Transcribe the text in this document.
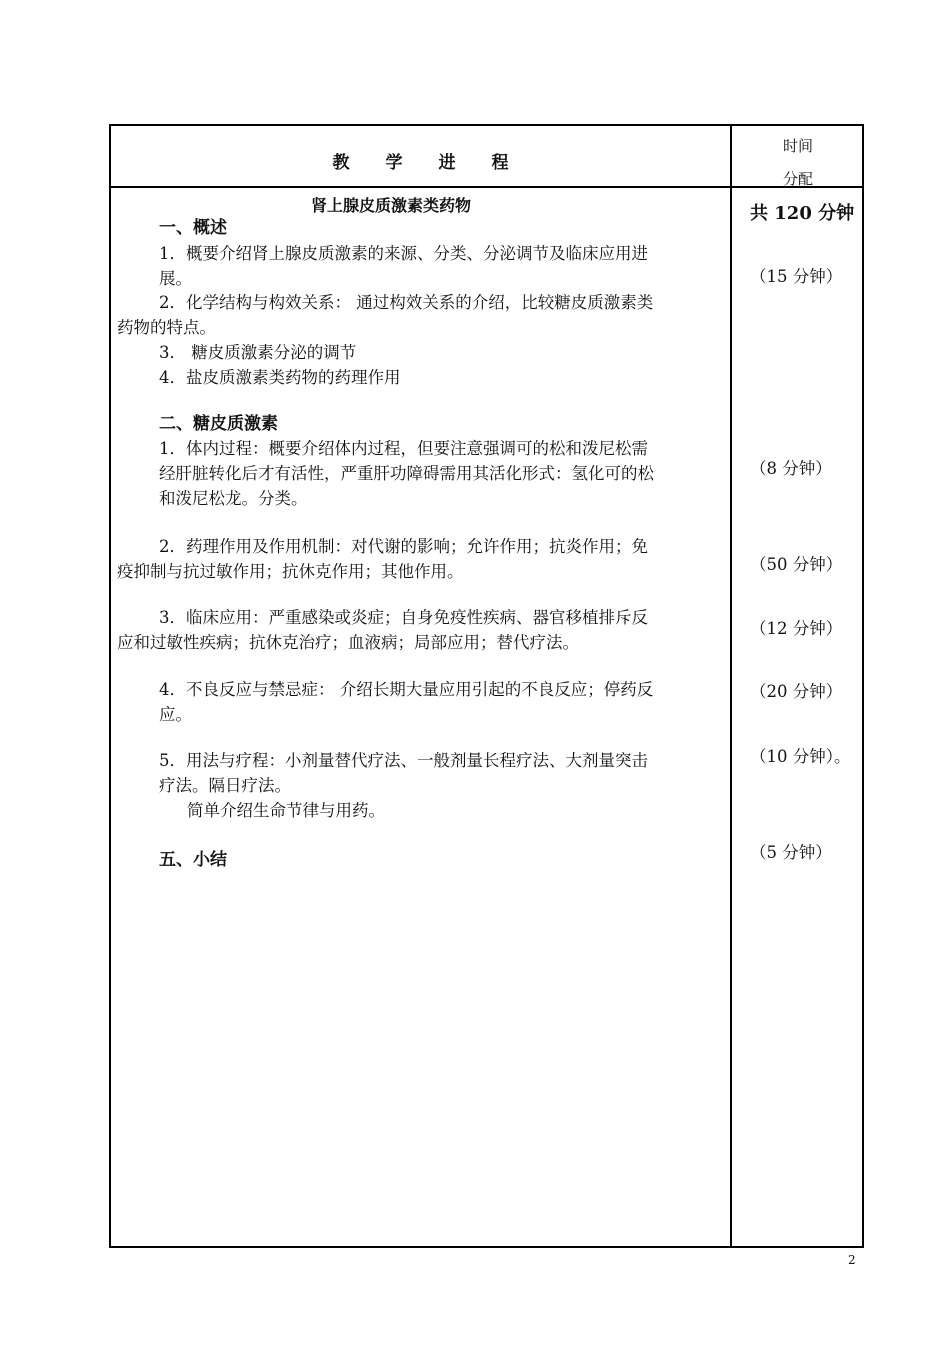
教 学 进 程
时间
分配
肾上腺皮质激素类药物	共 120 分钟
一、概述
1．概要介绍肾上腺皮质激素的来源、分类、分泌调节及临床应用进
展。
2．化学结构与构效关系： 通过构效关系的介绍，比较糖皮质激素类
药物的特点。
3． 糖皮质激素分泌的调节
4．盐皮质激素类药物的药理作用
二、糖皮质激素
1．体内过程：概要介绍体内过程，但要注意强调可的松和泼尼松需
经肝脏转化后才有活性，严重肝功障碍需用其活化形式：氢化可的松
和泼尼松龙。分类。
2．药理作用及作用机制：对代谢的影响；允许作用；抗炎作用；免
疫抑制与抗过敏作用；抗休克作用；其他作用。
3．临床应用：严重感染或炎症；自身免疫性疾病、器官移植排斥反
应和过敏性疾病；抗休克治疗；血液病；局部应用；替代疗法。
4．不良反应与禁忌症： 介绍长期大量应用引起的不良反应；停药反
应。
5．用法与疗程：小剂量替代疗法、一般剂量长程疗法、大剂量突击
疗法。隔日疗法。
简单介绍生命节律与用药。
五、小结
（15 分钟）
（8 分钟）
（50 分钟）
（12 分钟）
（20 分钟）
（10 分钟）。
（5 分钟）
2
